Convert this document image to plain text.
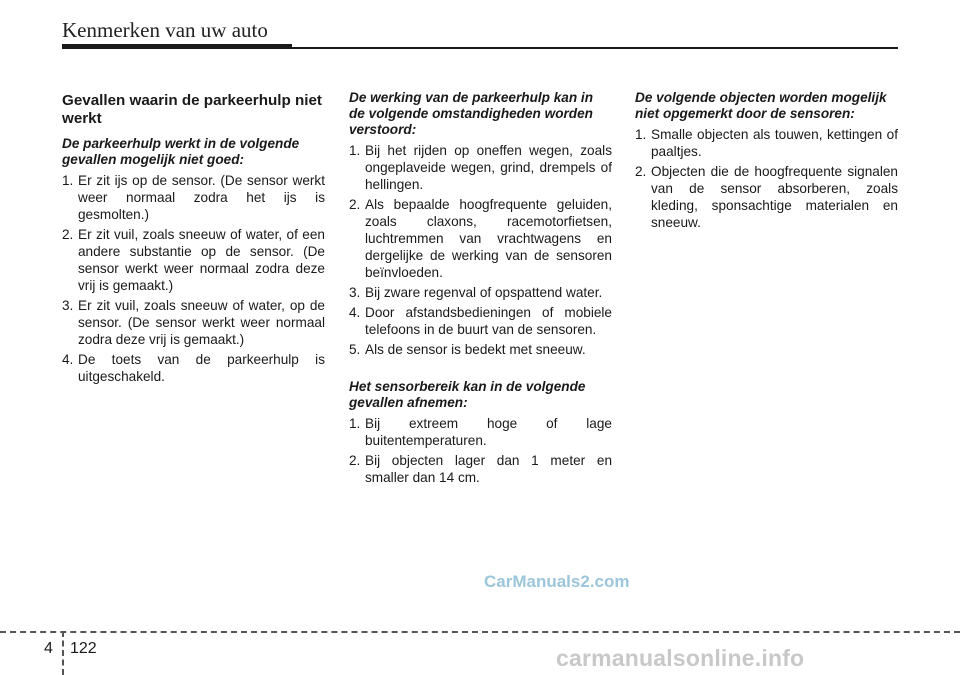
Kenmerken van uw auto
Gevallen waarin de parkeerhulp niet werkt
De parkeerhulp werkt in de volgende gevallen mogelijk niet goed:
1. Er zit ijs op de sensor. (De sensor werkt weer normaal zodra het ijs is gesmolten.)
2. Er zit vuil, zoals sneeuw of water, of een andere substantie op de sensor. (De sensor werkt weer normaal zodra deze vrij is gemaakt.)
3. Er zit vuil, zoals sneeuw of water, op de sensor. (De sensor werkt weer normaal zodra deze vrij is gemaakt.)
4. De toets van de parkeerhulp is uitgeschakeld.
De werking van de parkeerhulp kan in de volgende omstandigheden worden verstoord:
1. Bij het rijden op oneffen wegen, zoals ongeplaveide wegen, grind, drempels of hellingen.
2. Als bepaalde hoogfrequente geluiden, zoals claxons, racemotorfietsen, luchtremmen van vrachtwagens en dergelijke de werking van de sensoren beïnvloeden.
3. Bij zware regenval of opspattend water.
4. Door afstandsbedieningen of mobiele telefoons in de buurt van de sensoren.
5. Als de sensor is bedekt met sneeuw.
Het sensorbereik kan in de volgende gevallen afnemen:
1. Bij extreem hoge of lage buitentemperaturen.
2. Bij objecten lager dan 1 meter en smaller dan 14 cm.
De volgende objecten worden mogelijk niet opgemerkt door de sensoren:
1. Smalle objecten als touwen, kettingen of paaltjes.
2. Objecten die de hoogfrequente signalen van de sensor absorberen, zoals kleding, sponsachtige materialen en sneeuw.
CarManuals2.com
4 122	carmanualsonline.info
